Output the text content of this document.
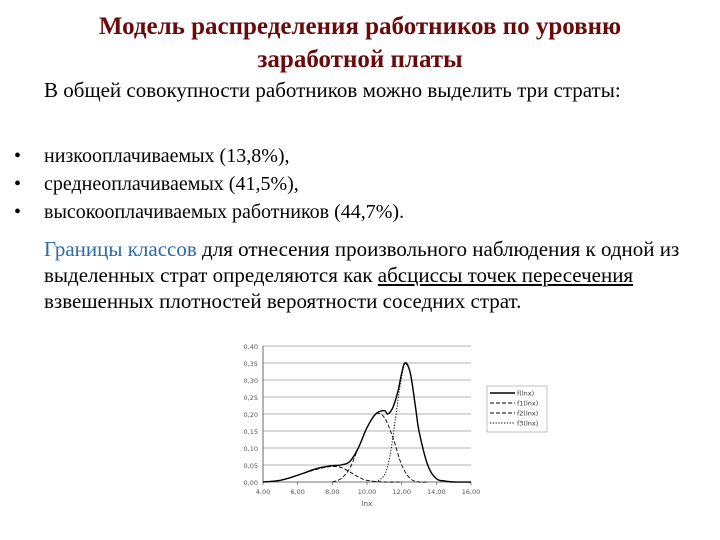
Модель распределения работников по уровню
заработной платы
В общей совокупности работников можно выделить три страты:
• низкооплачиваемых (13,8%),
• среднеоплачиваемых (41,5%),
• высокооплачиваемых работников (44,7%).
Границы классов для отнесения произвольного наблюдения к одной из выделенных страт определяются как абсциссы точек пересечения взвешенных плотностей вероятности соседних страт.
0,00
0,05
0,10
0,15
0,20
0,25
0,30
0,35
0,40
4,00	6,00	8,00	10,00 12,00 14,00 16,00
lnx
f(lnx)
f1(lnx)
f2(lnx)
f3(lnx)
